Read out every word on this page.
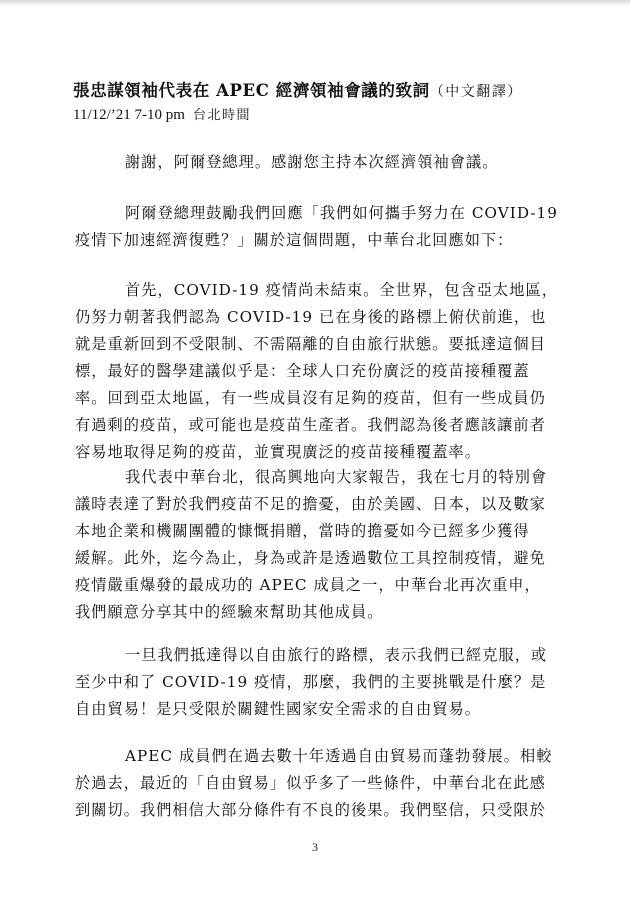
張忠謀領袖代表在 APEC 經濟領袖會議的致詞（中文翻譯）
11/12/’21 7-10 pm 台北時間
謝謝，阿爾登總理。感謝您主持本次經濟領袖會議。
阿爾登總理鼓勵我們回應「我們如何攜手努力在 COVID-19
疫情下加速經濟復甦？」關於這個問題，中華台北回應如下：
首先，COVID-19 疫情尚未結束。全世界，包含亞太地區，
仍努力朝著我們認為 COVID-19 已在身後的路標上俯伏前進，也
就是重新回到不受限制、不需隔離的自由旅行狀態。要抵達這個目
標，最好的醫學建議似乎是：全球人口充份廣泛的疫苗接種覆蓋
率。回到亞太地區，有一些成員沒有足夠的疫苗，但有一些成員仍
有過剩的疫苗，或可能也是疫苗生產者。我們認為後者應該讓前者
容易地取得足夠的疫苗，並實現廣泛的疫苗接種覆蓋率。
我代表中華台北，很高興地向大家報告，我在七月的特別會
議時表達了對於我們疫苗不足的擔憂，由於美國、日本，以及數家
本地企業和機關團體的慷慨捐贈，當時的擔憂如今已經多少獲得
緩解。此外，迄今為止，身為或許是透過數位工具控制疫情，避免
疫情嚴重爆發的最成功的 APEC 成員之一，中華台北再次重申，
我們願意分享其中的經驗來幫助其他成員。
一旦我們抵達得以自由旅行的路標，表示我們已經克服，或
至少中和了 COVID-19 疫情，那麼，我們的主要挑戰是什麼？是
自由貿易！是只受限於關鍵性國家安全需求的自由貿易。
APEC 成員們在過去數十年透過自由貿易而蓬勃發展。相較
於過去，最近的「自由貿易」似乎多了一些條件，中華台北在此感
到關切。我們相信大部分條件有不良的後果。我們堅信，只受限於
3
